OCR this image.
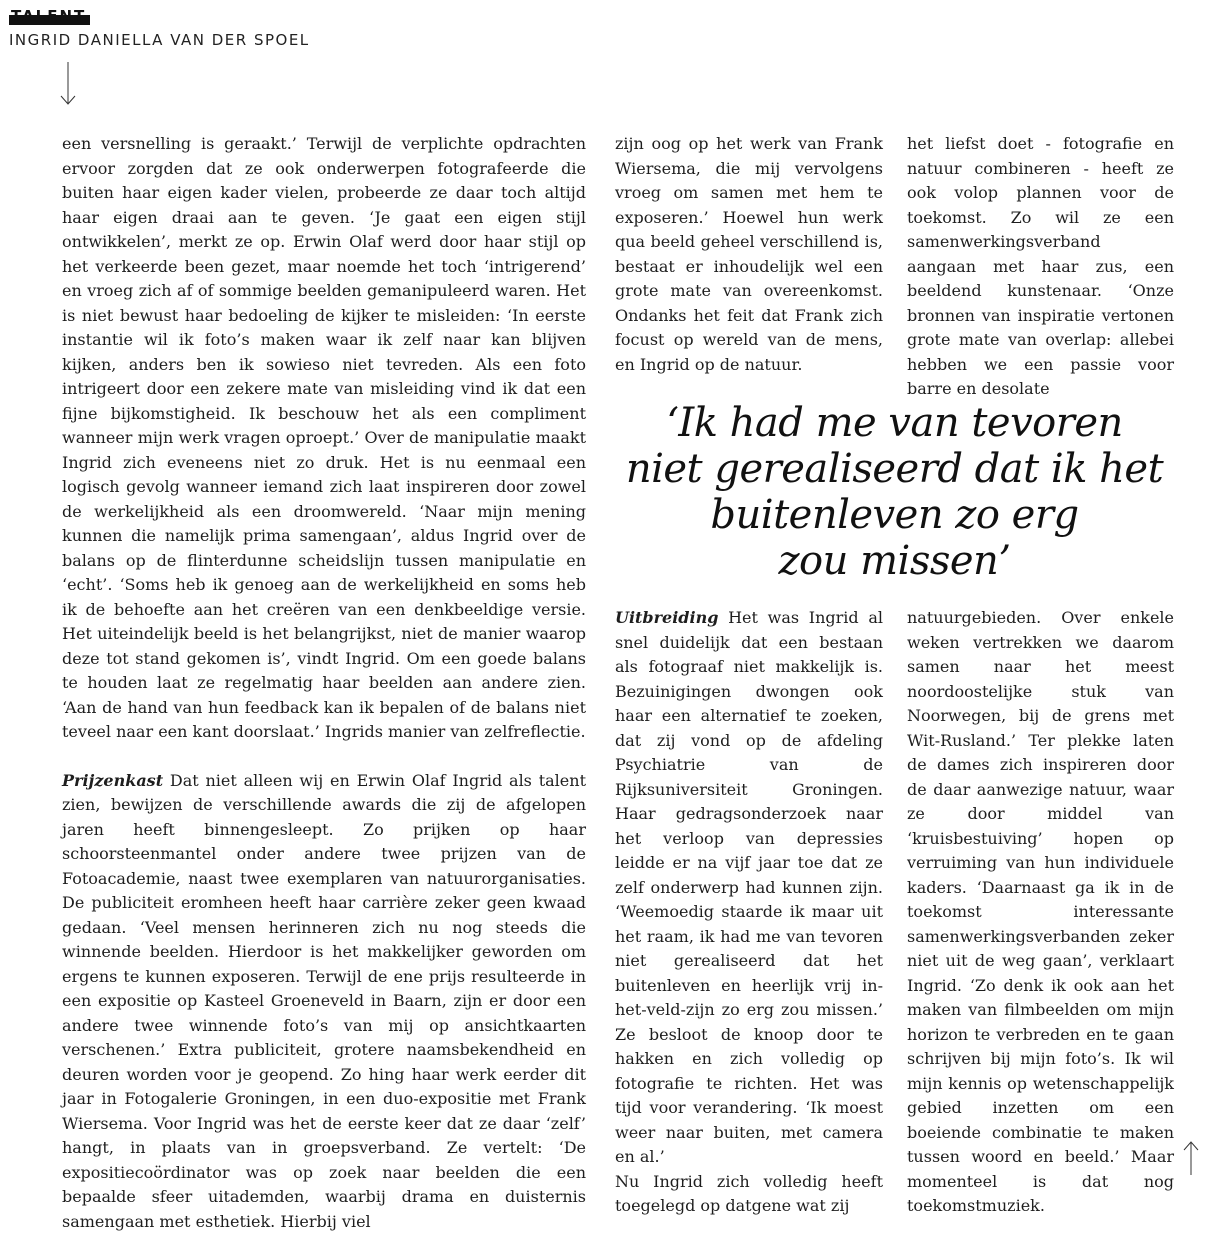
TALENT
INGRID DANIELLA VAN DER SPOEL

een versnelling is geraakt.’ Terwijl de verplichte opdrachten ervoor zorgden dat ze ook onderwerpen fotografeerde die buiten haar eigen kader vielen, probeerde ze daar toch altijd haar eigen draai aan te geven. ‘Je gaat een eigen stijl ontwikkelen’, merkt ze op. Erwin Olaf werd door haar stijl op het verkeerde been gezet, maar noemde het toch ‘intrigerend’ en vroeg zich af of sommige beelden gemanipuleerd waren. Het is niet bewust haar bedoeling de kijker te misleiden: ‘In eerste instantie wil ik foto’s maken waar ik zelf naar kan blijven kijken, anders ben ik sowieso niet tevreden. Als een foto intrigeert door een zekere mate van misleiding vind ik dat een fijne bijkomstigheid. Ik beschouw het als een compliment wanneer mijn werk vragen oproept.’ Over de manipulatie maakt Ingrid zich eveneens niet zo druk. Het is nu eenmaal een logisch gevolg wanneer iemand zich laat inspireren door zowel de werkelijkheid als een droomwereld. ‘Naar mijn mening kunnen die namelijk prima samengaan’, aldus Ingrid over de balans op de flinterdunne scheidslijn tussen manipulatie en ‘echt’. ‘Soms heb ik genoeg aan de werkelijkheid en soms heb ik de behoefte aan het creëren van een denkbeeldige versie. Het uiteindelijk beeld is het belangrijkst, niet de manier waarop deze tot stand gekomen is’, vindt Ingrid. Om een goede balans te houden laat ze regelmatig haar beelden aan andere zien. ‘Aan de hand van hun feedback kan ik bepalen of de balans niet teveel naar een kant doorslaat.’ Ingrids manier van zelfreflectie.

Prijzenkast Dat niet alleen wij en Erwin Olaf Ingrid als talent zien, bewijzen de verschillende awards die zij de afgelopen jaren heeft binnengesleept. Zo prijken op haar schoorsteenmantel onder andere twee prijzen van de Fotoacademie, naast twee exemplaren van natuurorganisaties. De publiciteit eromheen heeft haar carrière zeker geen kwaad gedaan. ‘Veel mensen herinneren zich nu nog steeds die winnende beelden. Hierdoor is het makkelijker geworden om ergens te kunnen exposeren. Terwijl de ene prijs resulteerde in een expositie op Kasteel Groeneveld in Baarn, zijn er door een andere twee winnende foto’s van mij op ansichtkaarten verschenen.’ Extra publiciteit, grotere naamsbekendheid en deuren worden voor je geopend. Zo hing haar werk eerder dit jaar in Fotogalerie Groningen, in een duo-expositie met Frank Wiersema. Voor Ingrid was het de eerste keer dat ze daar ‘zelf’ hangt, in plaats van in groepsverband. Ze vertelt: ‘De expositiecoördinator was op zoek naar beelden die een bepaalde sfeer uitademden, waarbij drama en duisternis samengaan met esthetiek. Hierbij viel

zijn oog op het werk van Frank Wiersema, die mij vervolgens vroeg om samen met hem te exposeren.’ Hoewel hun werk qua beeld geheel verschillend is, bestaat er inhoudelijk wel een grote mate van overeenkomst. Ondanks het feit dat Frank zich focust op wereld van de mens, en Ingrid op de natuur.

het liefst doet - fotografie en natuur combineren - heeft ze ook volop plannen voor de toekomst. Zo wil ze een samenwerkingsverband aangaan met haar zus, een beeldend kunstenaar. ‘Onze bronnen van inspiratie vertonen grote mate van overlap: allebei hebben we een passie voor barre en desolate

‘Ik had me van tevoren
niet gerealiseerd dat ik het
buitenleven zo erg
zou missen’

Uitbreiding Het was Ingrid al snel duidelijk dat een bestaan als fotograaf niet makkelijk is. Bezuinigingen dwongen ook haar een alternatief te zoeken, dat zij vond op de afdeling Psychiatrie van de Rijksuniversiteit Groningen. Haar gedragsonderzoek naar het verloop van depressies leidde er na vijf jaar toe dat ze zelf onderwerp had kunnen zijn. ‘Weemoedig staarde ik maar uit het raam, ik had me van tevoren niet gerealiseerd dat het buitenleven en heerlijk vrij in-het-veld-zijn zo erg zou missen.’ Ze besloot de knoop door te hakken en zich volledig op fotografie te richten. Het was tijd voor verandering. ‘Ik moest weer naar buiten, met camera en al.’

Nu Ingrid zich volledig heeft toegelegd op datgene wat zij

natuurgebieden. Over enkele weken vertrekken we daarom samen naar het meest noordoostelijke stuk van Noorwegen, bij de grens met Wit-Rusland.’ Ter plekke laten de dames zich inspireren door de daar aanwezige natuur, waar ze door middel van ‘kruisbestuiving’ hopen op verruiming van hun individuele kaders. ‘Daarnaast ga ik in de toekomst interessante samenwerkingsverbanden zeker niet uit de weg gaan’, verklaart Ingrid. ‘Zo denk ik ook aan het maken van filmbeelden om mijn horizon te verbreden en te gaan schrijven bij mijn foto’s. Ik wil mijn kennis op wetenschappelijk gebied inzetten om een boeiende combinatie te maken tussen woord en beeld.’ Maar momenteel is dat nog toekomstmuziek.
